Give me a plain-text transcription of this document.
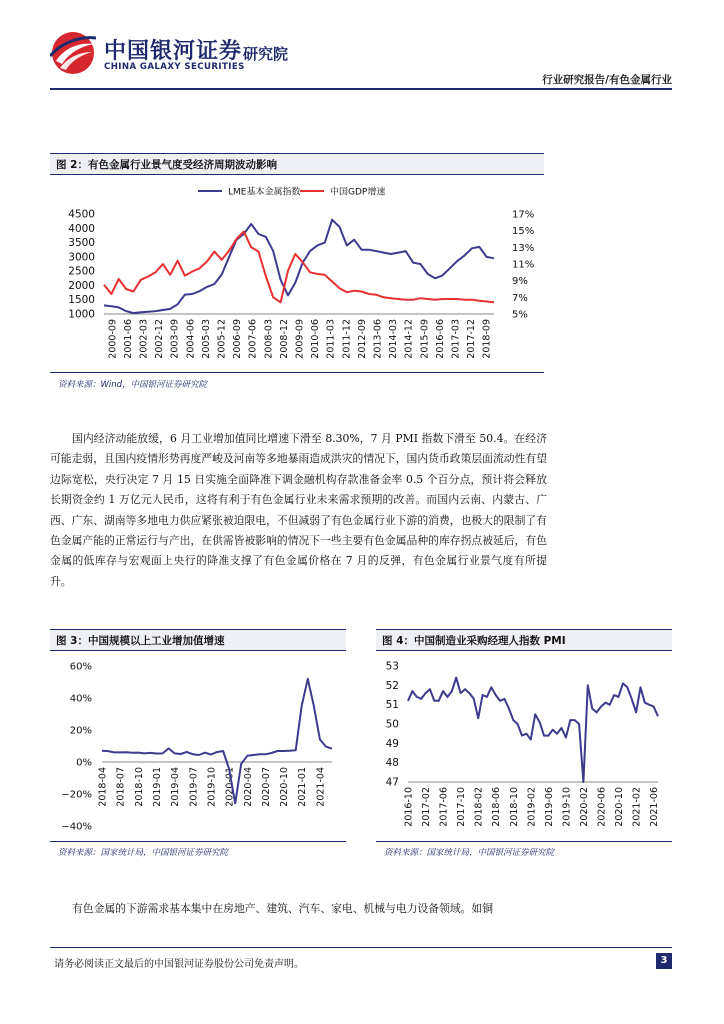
中国银河证券
CHINA GALAXY SECURITIES
研究院
行业研究报告/有色金属行业
图 2：有色金属行业景气度受经济周期波动影响
LME基本金属指数	中国GDP增速
1000
1500
2000
2500
3000
3500
4000
4500
5%
7%
9%
11%
13%
15%
17%
2000-09 2001-06 2002-03 2002-12 2003-09 2004-06 2005-03 2005-12 2006-09 2007-06 2008-03 2008-12 2009-09 2010-06 2011-03 2011-12 2012-09 2013-06 2014-03 2014-12 2015-09 2016-06 2017-03 2017-12 2018-09
资料来源：Wind，中国银河证券研究院

国内经济动能放缓，6 月工业增加值同比增速下滑至 8.30%，7 月 PMI 指数下滑至 50.4。在经济可能走弱，且国内疫情形势再度严峻及河南等多地暴雨造成洪灾的情况下，国内货币政策层面流动性有望边际宽松，央行决定 7 月 15 日实施全面降准下调金融机构存款准备金率 0.5 个百分点，预计将会释放长期资金约 1 万亿元人民币，这将有利于有色金属行业未来需求预期的改善。而国内云南、内蒙古、广西、广东、湖南等多地电力供应紧张被迫限电，不但减弱了有色金属行业下游的消费，也极大的限制了有色金属产能的正常运行与产出，在供需皆被影响的情况下一些主要有色金属品种的库存拐点被延后，有色金属的低库存与宏观面上央行的降准支撑了有色金属价格在 7 月的反弹，有色金属行业景气度有所提升。

图 3：中国规模以上工业增加值增速
60%
40%
20%
0%
−20%
−40%
2018-04 2018-07 2018-10 2019-01 2019-04 2019-07 2019-10 2020-01 2020-04 2020-07 2020-10 2021-01 2021-04
资料来源：国家统计局，中国银河证券研究院
图 4：中国制造业采购经理人指数 PMI
53
52
51
50
49
48
47
2016-10 2017-02 2017-06 2017-10 2018-02 2018-06 2018-10 2019-02 2019-06 2019-10 2020-02 2020-06 2020-10 2021-02 2021-06
资料来源：国家统计局，中国银河证券研究院

有色金属的下游需求基本集中在房地产、建筑、汽车、家电、机械与电力设备领域。如铜

请务必阅读正文最后的中国银河证券股份公司免责声明。	3
